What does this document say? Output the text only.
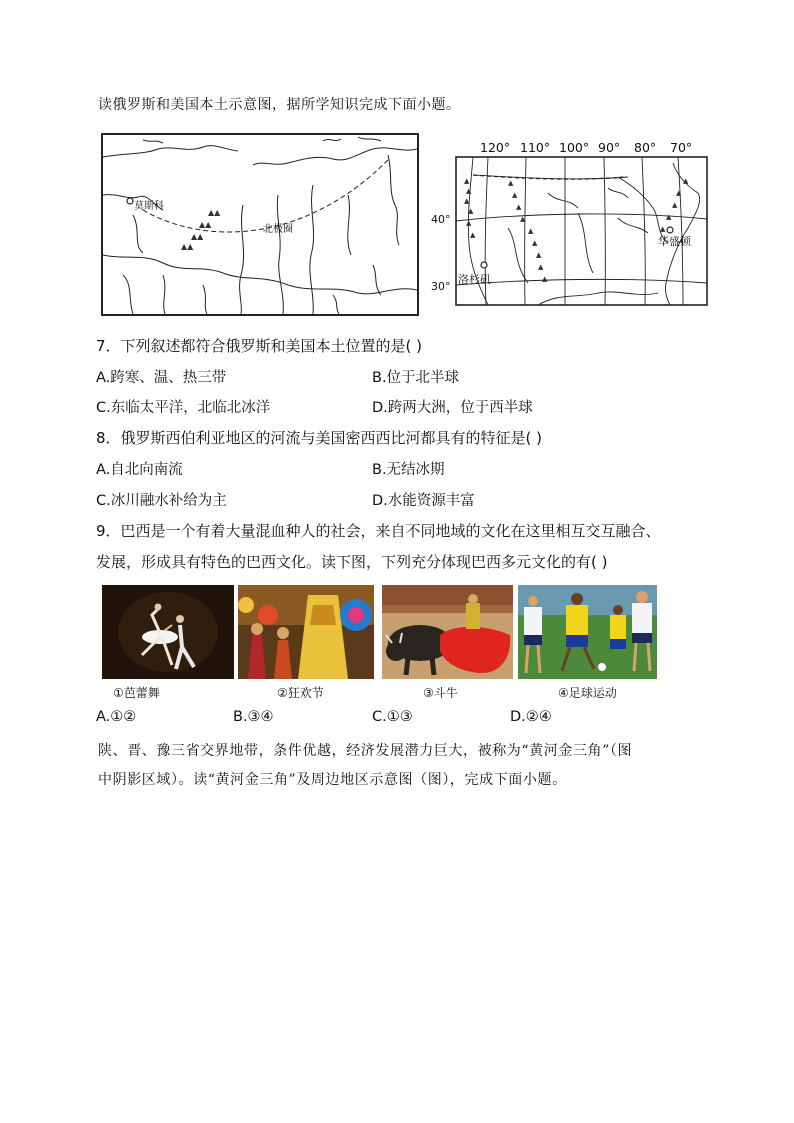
读俄罗斯和美国本土示意图，据所学知识完成下面小题。
▲▲
▲▲
▲▲
▲▲
莫斯科
北极圈
120° 110° 100° 90° 80° 70°
40°
30°
▲
▲
▲
▲
▲
▲
▲
▲
▲
▲
▲
▲
▲
▲
▲
▲
▲
▲
▲
▲
华盛顿
洛杉矶
7．下列叙述都符合俄罗斯和美国本土位置的是( )
A.跨寒、温、热三带	B.位于北半球
C.东临太平洋，北临北冰洋	D.跨两大洲，位于西半球
8．俄罗斯西伯利亚地区的河流与美国密西西比河都具有的特征是( )
A.自北向南流	B.无结冰期
C.冰川融水补给为主	D.水能资源丰富
9．巴西是一个有着大量混血种人的社会，来自不同地域的文化在这里相互交互融合、
发展，形成具有特色的巴西文化。读下图，下列充分体现巴西多元文化的有( )
①芭蕾舞	②狂欢节	③斗牛	④足球运动
A.①②	B.③④	C.①③	D.②④
陕、晋、豫三省交界地带，条件优越，经济发展潜力巨大，被称为“黄河金三角”（图
中阴影区域）。读“黄河金三角”及周边地区示意图（图），完成下面小题。
